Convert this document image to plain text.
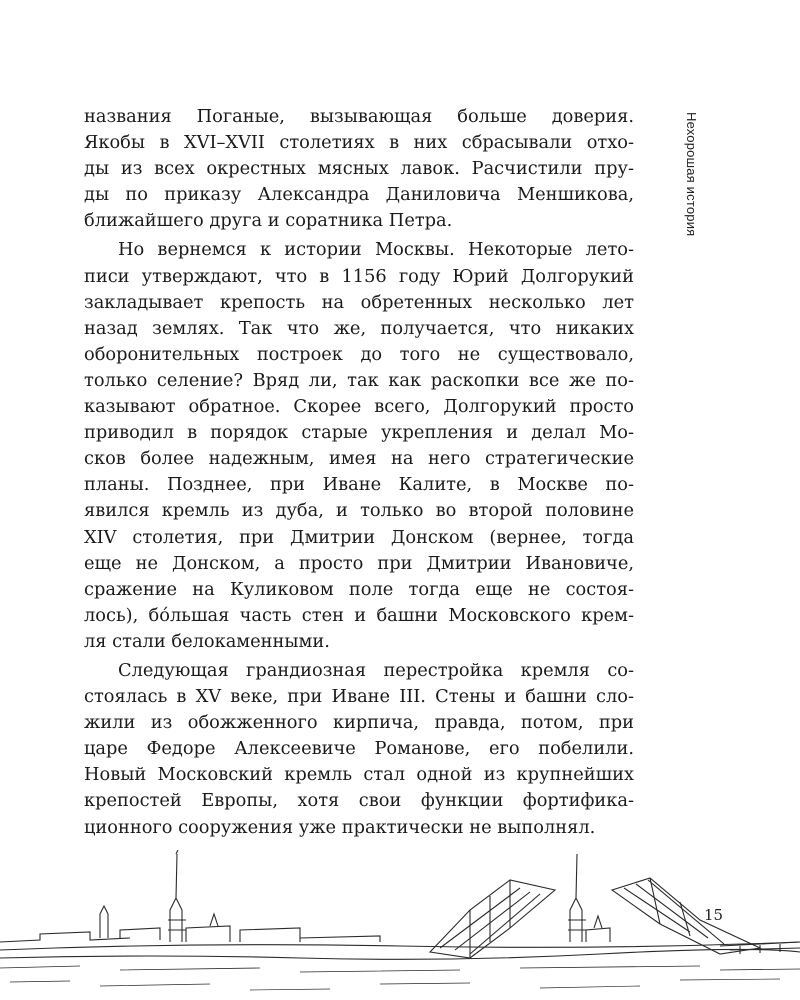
Нехорошая история

названия Поганые, вызывающая больше доверия.
Якобы в XVI–XVII столетиях в них сбрасывали отхо-
ды из всех окрестных мясных лавок. Расчистили пру-
ды по приказу Александра Даниловича Меншикова,
ближайшего друга и соратника Петра.

Но вернемся к истории Москвы. Некоторые лето-
писи утверждают, что в 1156 году Юрий Долгорукий
закладывает крепость на обретенных несколько лет
назад землях. Так что же, получается, что никаких
оборонительных построек до того не существовало,
только селение? Вряд ли, так как раскопки все же по-
казывают обратное. Скорее всего, Долгорукий просто
приводил в порядок старые укрепления и делал Мо-
сков более надежным, имея на него стратегические
планы. Позднее, при Иване Калите, в Москве по-
явился кремль из дуба, и только во второй половине
XIV столетия, при Дмитрии Донском (вернее, тогда
еще не Донском, а просто при Дмитрии Ивановиче,
сражение на Куликовом поле тогда еще не состоя-
лось), бóльшая часть стен и башни Московского крем-
ля стали белокаменными.

Следующая грандиозная перестройка кремля со-
стоялась в XV веке, при Иване III. Стены и башни сло-
жили из обожженного кирпича, правда, потом, при
царе Федоре Алексеевиче Романове, его побелили.
Новый Московский кремль стал одной из крупнейших
крепостей Европы, хотя свои функции фортифика-
ционного сооружения уже практически не выполнял.

15
